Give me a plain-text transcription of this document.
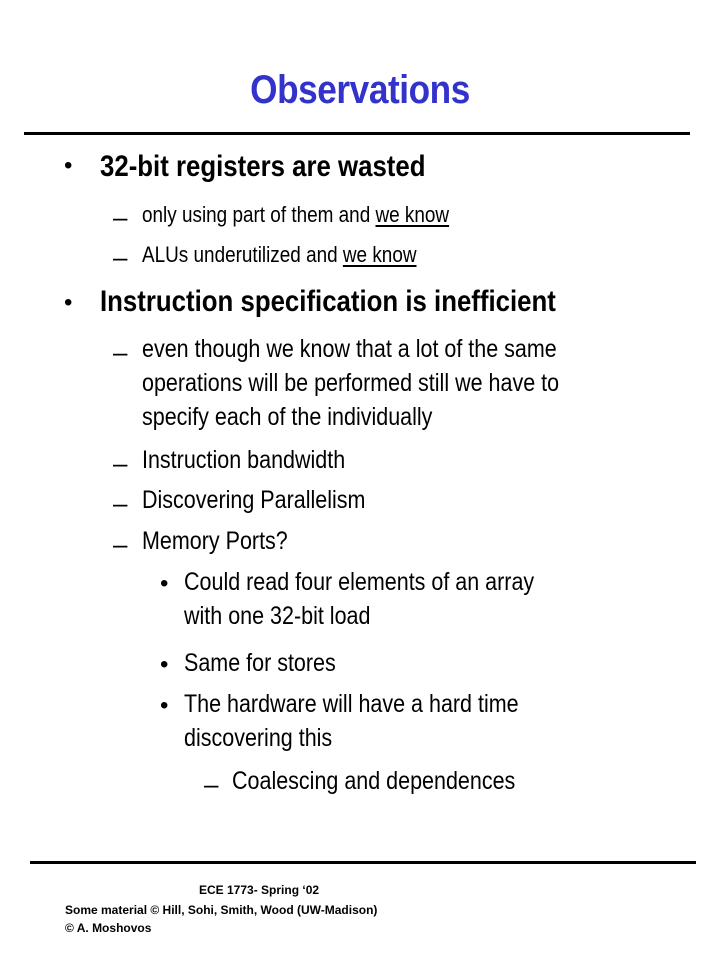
Observations
• 32-bit registers are wasted
– only using part of them and we know
– ALUs underutilized and we know
• Instruction specification is inefficient
– even though we know that a lot of the same
operations will be performed still we have to
specify each of the individually
– Instruction bandwidth
– Discovering Parallelism
– Memory Ports?
• Could read four elements of an array
with one 32-bit load
• Same for stores
• The hardware will have a hard time
discovering this
– Coalescing and dependences
ECE 1773- Spring ‘02
Some material © Hill, Sohi, Smith, Wood (UW-Madison)
© A. Moshovos
